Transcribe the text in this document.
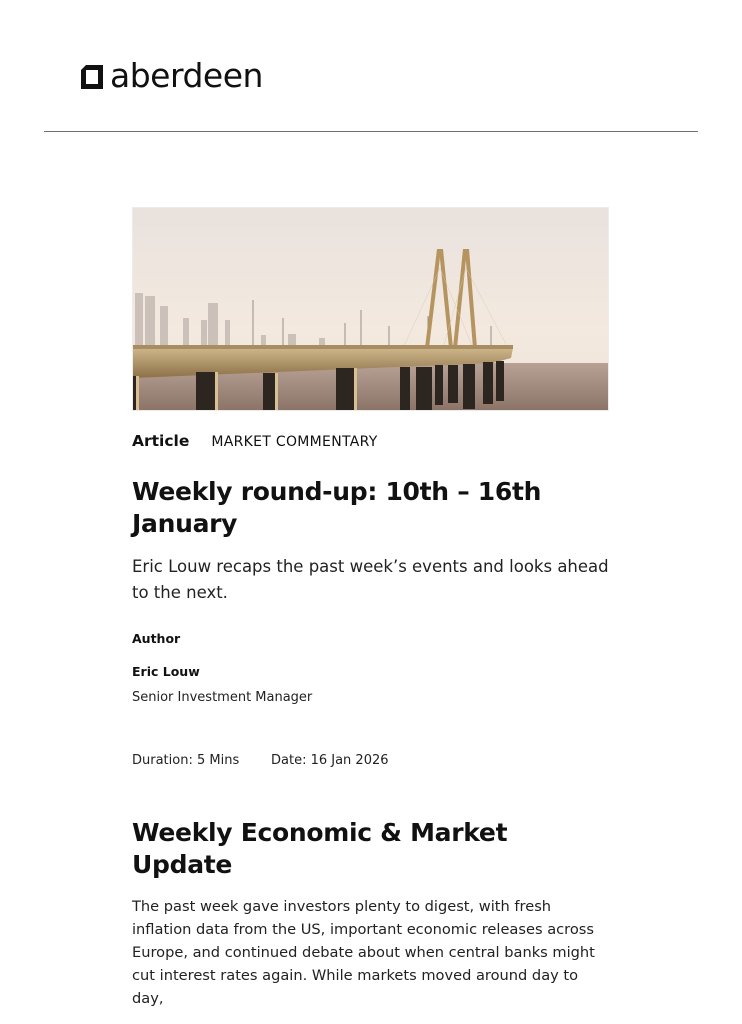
aberdeen
Article MARKET COMMENTARY
Weekly round-up: 10th – 16th January

Eric Louw recaps the past week’s events and looks ahead to the next.

Author
Eric Louw
Senior Investment Manager
Duration: 5 Mins	Date: 16 Jan 2026
Weekly Economic & Market Update

The past week gave investors plenty to digest, with fresh inflation data from the US, important economic releases across Europe, and continued debate about when central banks might cut interest rates again. While markets moved around day to day,
